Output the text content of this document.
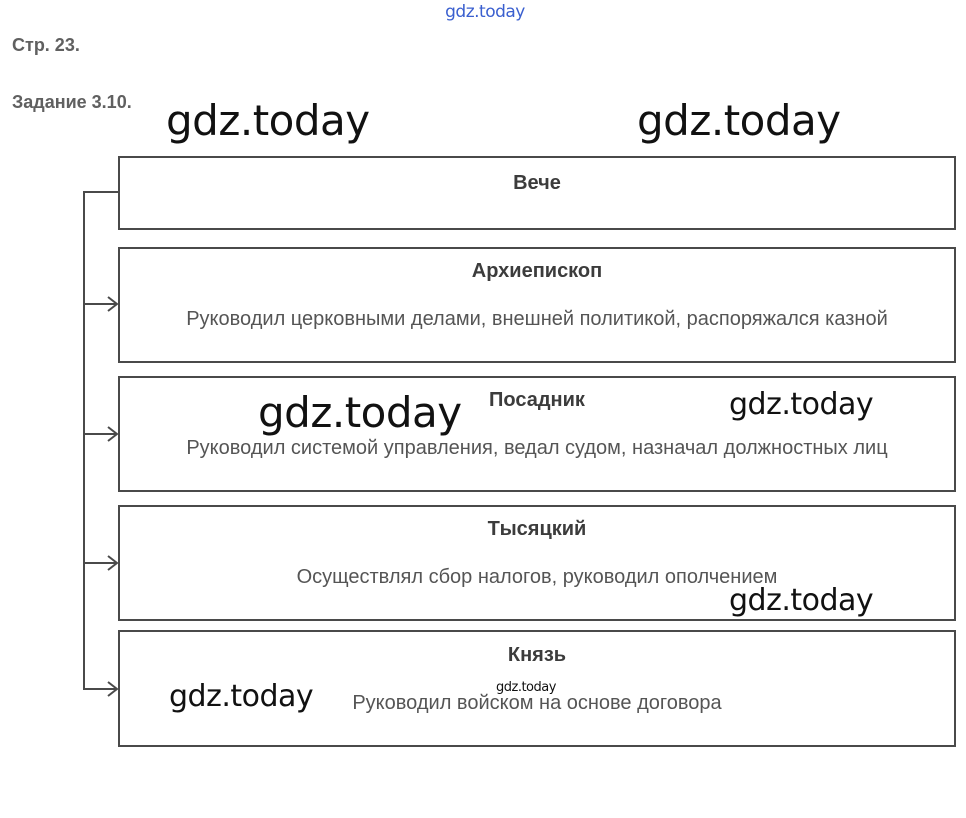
gdz.today
Стр. 23.
Задание 3.10.
Вече
Архиепископ
Руководил церковными делами, внешней политикой, распоряжался казной
Посадник
Руководил системой управления, ведал судом, назначал должностных лиц
Тысяцкий
Осуществлял сбор налогов, руководил ополчением
Князь
Руководил войском на основе договора
gdz.today	gdz.today
gdz.today	gdz.today
gdz.today
gdz.today	gdz.today
